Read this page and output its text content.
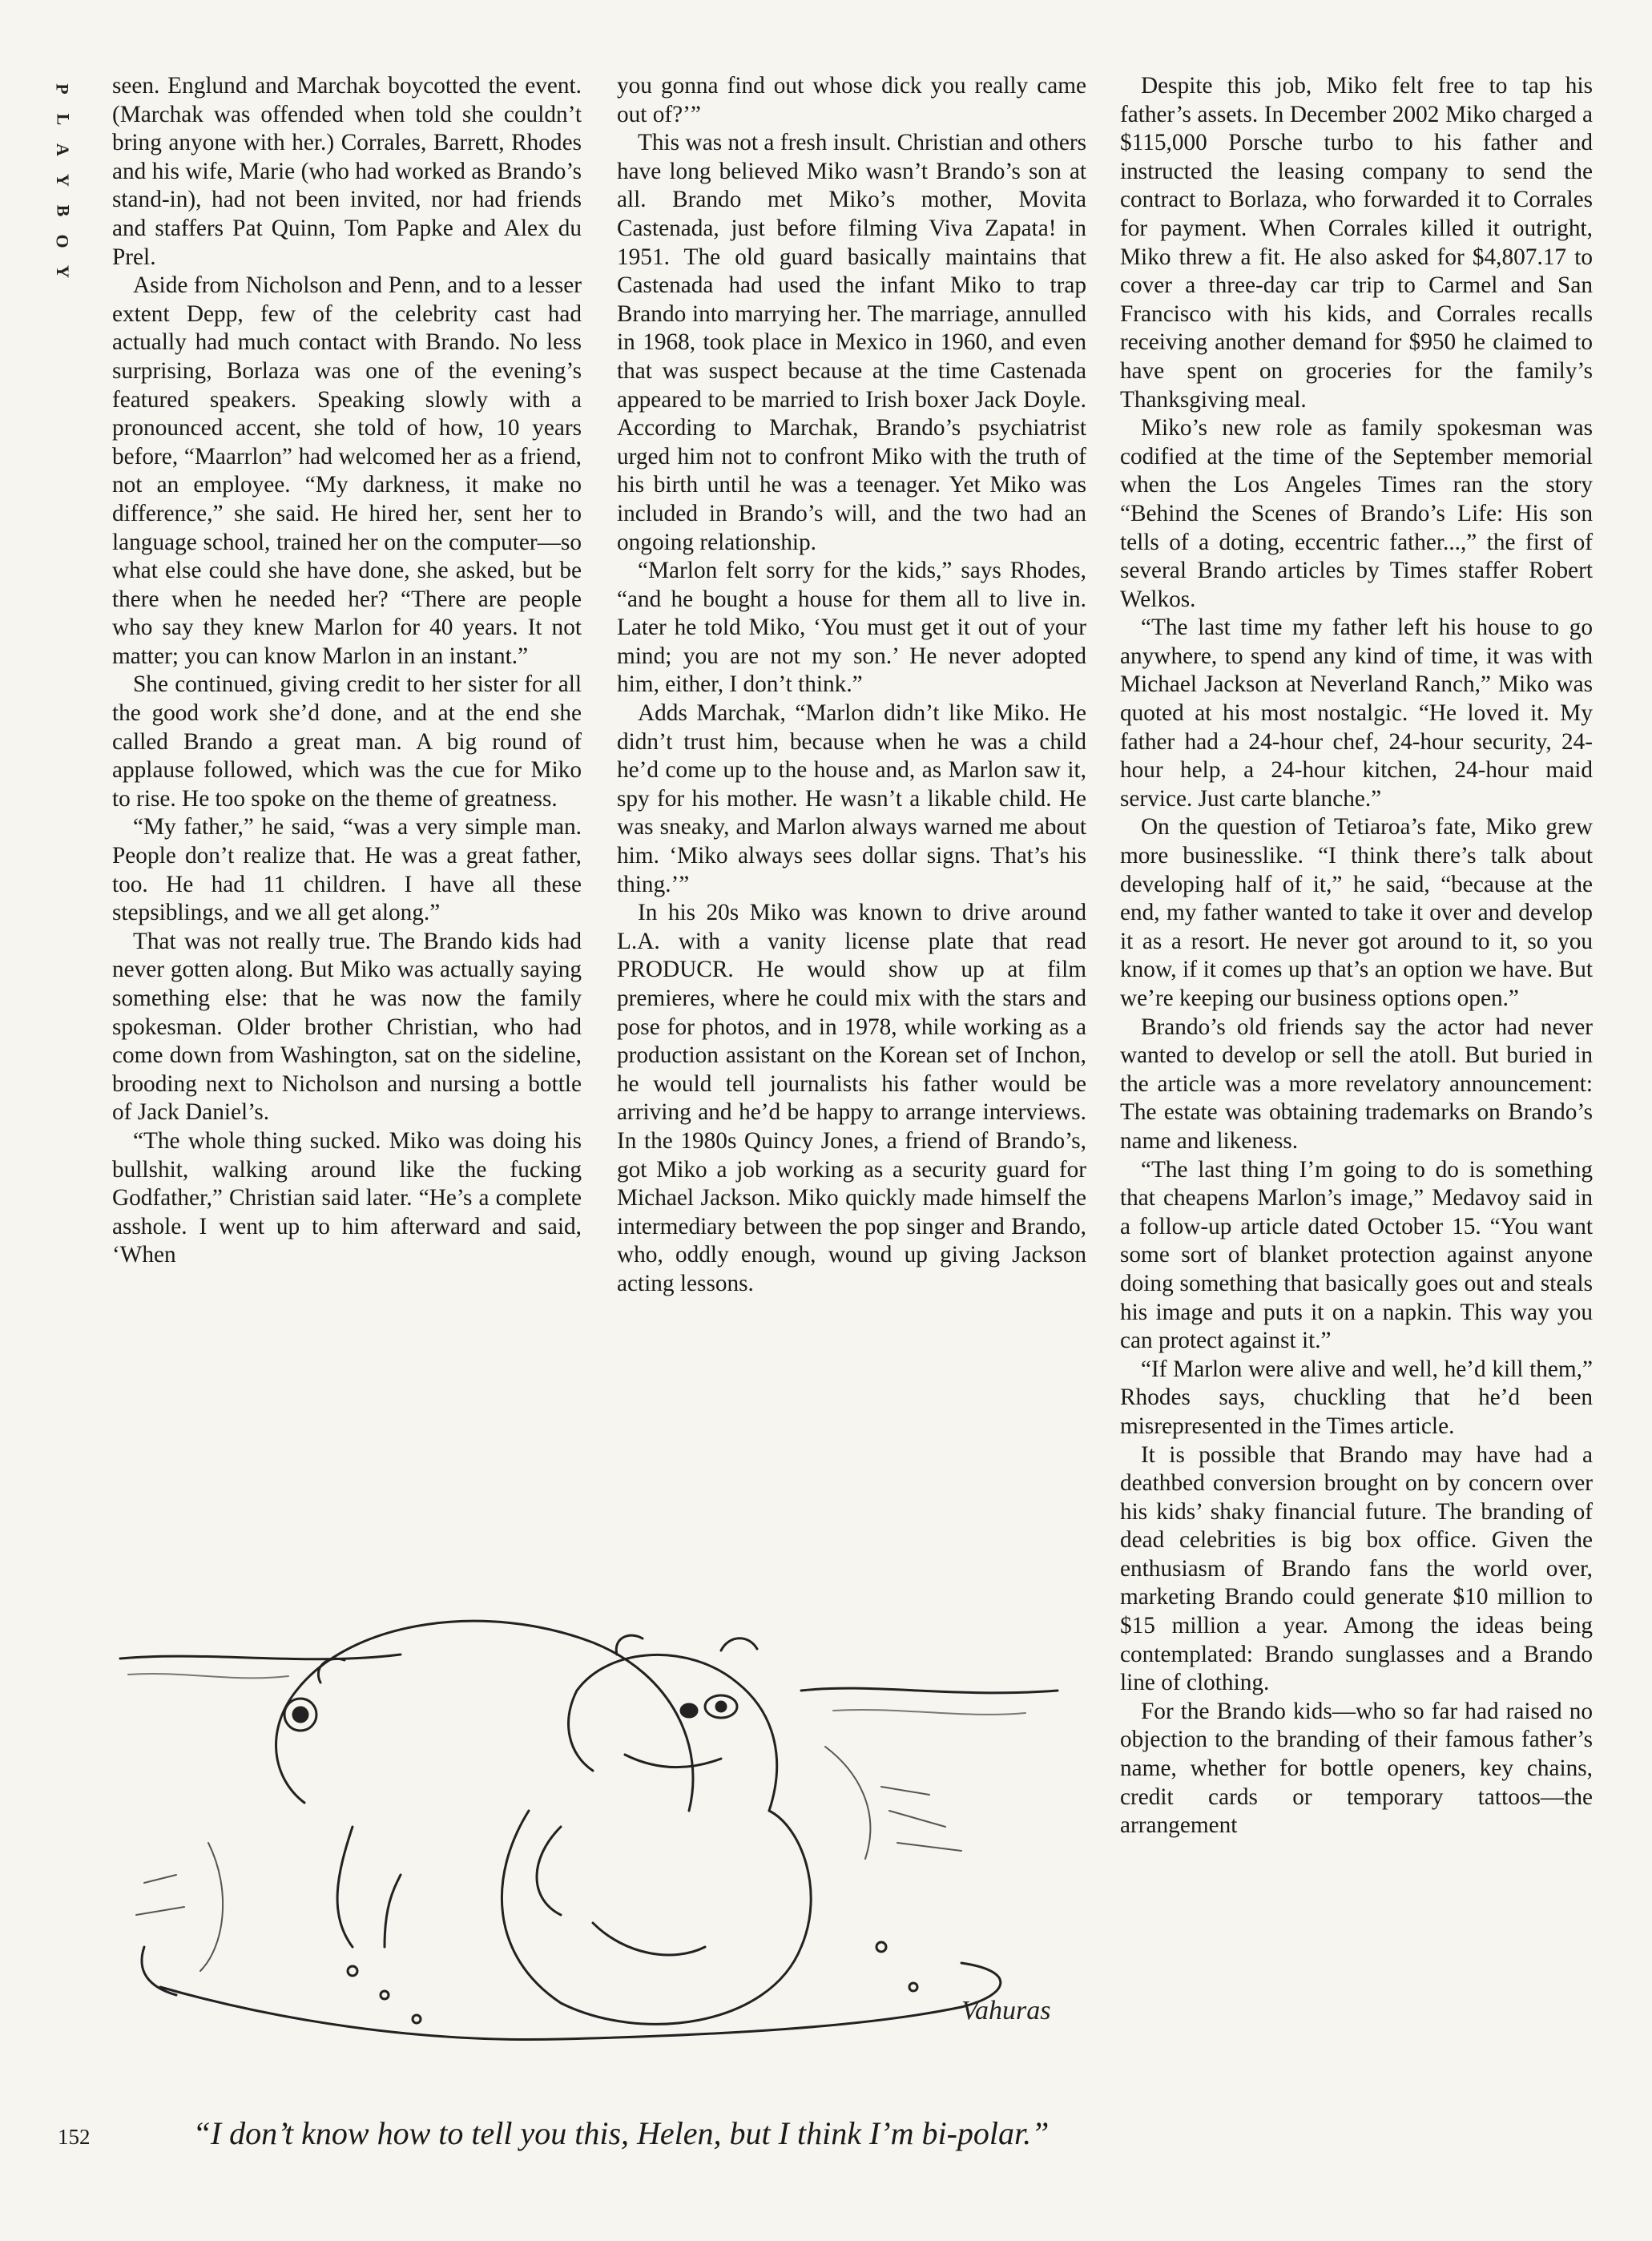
P
L
A
Y
B
O
Y

seen. Englund and Marchak boycotted the event. (Marchak was offended when told she couldn’t bring anyone with her.) Corrales, Barrett, Rhodes and his wife, Marie (who had worked as Brando’s stand-in), had not been invited, nor had friends and staffers Pat Quinn, Tom Papke and Alex du Prel.

Aside from Nicholson and Penn, and to a lesser extent Depp, few of the celebrity cast had actually had much contact with Brando. No less surprising, Borlaza was one of the evening’s featured speakers. Speaking slowly with a pronounced accent, she told of how, 10 years before, “Maarrlon” had welcomed her as a friend, not an employee. “My darkness, it make no difference,” she said. He hired her, sent her to language school, trained her on the computer—so what else could she have done, she asked, but be there when he needed her? “There are people who say they knew Marlon for 40 years. It not matter; you can know Marlon in an instant.”

She continued, giving credit to her sister for all the good work she’d done, and at the end she called Brando a great man. A big round of applause followed, which was the cue for Miko to rise. He too spoke on the theme of greatness.

“My father,” he said, “was a very simple man. People don’t realize that. He was a great father, too. He had 11 children. I have all these stepsiblings, and we all get along.”

That was not really true. The Brando kids had never gotten along. But Miko was actually saying something else: that he was now the family spokesman. Older brother Christian, who had come down from Washington, sat on the sideline, brooding next to Nicholson and nursing a bottle of Jack Daniel’s.

“The whole thing sucked. Miko was doing his bullshit, walking around like the fucking Godfather,” Christian said later. “He’s a complete asshole. I went up to him afterward and said, ‘When

you gonna find out whose dick you really came out of?’”

This was not a fresh insult. Christian and others have long believed Miko wasn’t Brando’s son at all. Brando met Miko’s mother, Movita Castenada, just before filming Viva Zapata! in 1951. The old guard basically maintains that Castenada had used the infant Miko to trap Brando into marrying her. The marriage, annulled in 1968, took place in Mexico in 1960, and even that was suspect because at the time Castenada appeared to be married to Irish boxer Jack Doyle. According to Marchak, Brando’s psychiatrist urged him not to confront Miko with the truth of his birth until he was a teenager. Yet Miko was included in Brando’s will, and the two had an ongoing relationship.

“Marlon felt sorry for the kids,” says Rhodes, “and he bought a house for them all to live in. Later he told Miko, ‘You must get it out of your mind; you are not my son.’ He never adopted him, either, I don’t think.”

Adds Marchak, “Marlon didn’t like Miko. He didn’t trust him, because when he was a child he’d come up to the house and, as Marlon saw it, spy for his mother. He wasn’t a likable child. He was sneaky, and Marlon always warned me about him. ‘Miko always sees dollar signs. That’s his thing.’”

In his 20s Miko was known to drive around L.A. with a vanity license plate that read PRODUCR. He would show up at film premieres, where he could mix with the stars and pose for photos, and in 1978, while working as a production assistant on the Korean set of Inchon, he would tell journalists his father would be arriving and he’d be happy to arrange interviews. In the 1980s Quincy Jones, a friend of Brando’s, got Miko a job working as a security guard for Michael Jackson. Miko quickly made himself the intermediary between the pop singer and Brando, who, oddly enough, wound up giving Jackson acting lessons.

Despite this job, Miko felt free to tap his father’s assets. In December 2002 Miko charged a $115,000 Porsche turbo to his father and instructed the leasing company to send the contract to Borlaza, who forwarded it to Corrales for payment. When Corrales killed it outright, Miko threw a fit. He also asked for $4,807.17 to cover a three-day car trip to Carmel and San Francisco with his kids, and Corrales recalls receiving another demand for $950 he claimed to have spent on groceries for the family’s Thanksgiving meal.

Miko’s new role as family spokesman was codified at the time of the September memorial when the Los Angeles Times ran the story “Behind the Scenes of Brando’s Life: His son tells of a doting, eccentric father...,” the first of several Brando articles by Times staffer Robert Welkos.

“The last time my father left his house to go anywhere, to spend any kind of time, it was with Michael Jackson at Neverland Ranch,” Miko was quoted at his most nostalgic. “He loved it. My father had a 24-hour chef, 24-hour security, 24-hour help, a 24-hour kitchen, 24-hour maid service. Just carte blanche.”

On the question of Tetiaroa’s fate, Miko grew more businesslike. “I think there’s talk about developing half of it,” he said, “because at the end, my father wanted to take it over and develop it as a resort. He never got around to it, so you know, if it comes up that’s an option we have. But we’re keeping our business options open.”

Brando’s old friends say the actor had never wanted to develop or sell the atoll. But buried in the article was a more revelatory announcement: The estate was obtaining trademarks on Brando’s name and likeness.

“The last thing I’m going to do is something that cheapens Marlon’s image,” Medavoy said in a follow-up article dated October 15. “You want some sort of blanket protection against anyone doing something that basically goes out and steals his image and puts it on a napkin. This way you can protect against it.”

“If Marlon were alive and well, he’d kill them,” Rhodes says, chuckling that he’d been misrepresented in the Times article.

It is possible that Brando may have had a deathbed conversion brought on by concern over his kids’ shaky financial future. The branding of dead celebrities is big box office. Given the enthusiasm of Brando fans the world over, marketing Brando could generate $10 million to $15 million a year. Among the ideas being contemplated: Brando sunglasses and a Brando line of clothing.

For the Brando kids—who so far had raised no objection to the branding of their famous father’s name, whether for bottle openers, key chains, credit cards or temporary tattoos—the arrangement

Vahuras
“I don’t know how to tell you this, Helen, but I think I’m bi-polar.”
152
